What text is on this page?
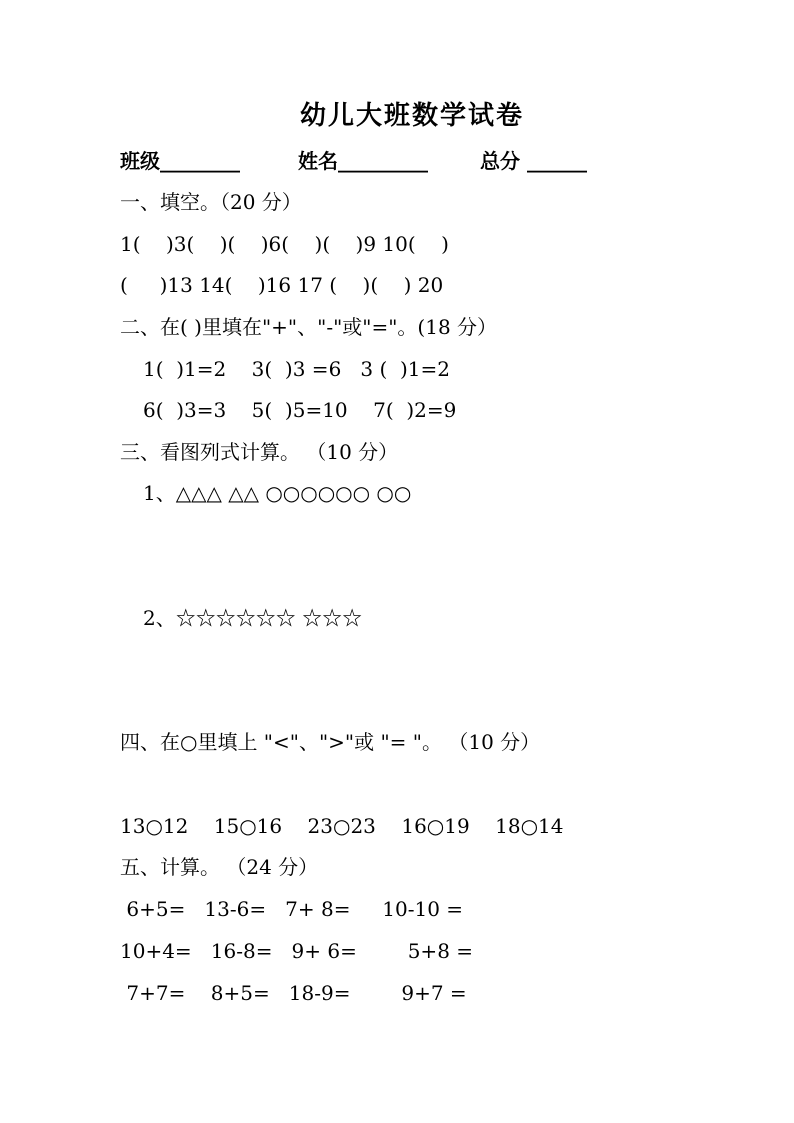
幼儿大班数学试卷
班级________	姓名_________	总分 ______
一、填空。（20 分）
1(    )3(    )(    )6(    )(    )9 10(    )
(     )13 14(    )16 17 (    )(    ) 20
二、在( )里填在"+"、"-"或"="。(18 分）
1(  )1=2    3(  )3 =6   3 (  )1=2
6(  )3=3    5(  )5=10    7(  )2=9
三、看图列式计算。 （10 分）
1、△△△ △△ ○○○○○○ ○○
2、☆☆☆☆☆☆ ☆☆☆
四、在○里填上 "<"、">"或 "= "。 （10 分）
13○12    15○16    23○23    16○19    18○14
五、计算。 （24 分）
6+5=   13-6=   7+ 8=     10-10 =
10+4=   16-8=   9+ 6=        5+8 =
7+7=    8+5=   18-9=        9+7 =
